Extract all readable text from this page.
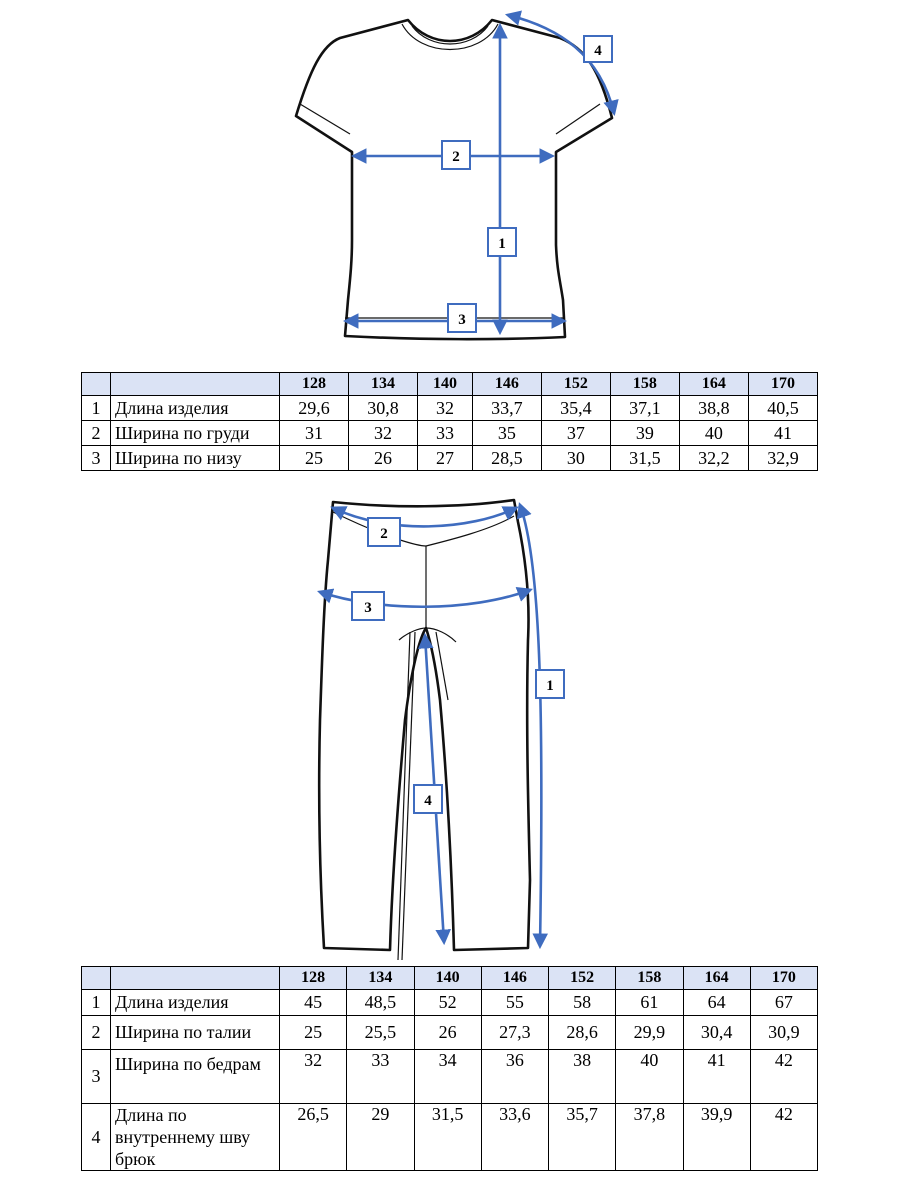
1
2
3
4
		128	134	140	146	152	158	164	170
1	Длина изделия	29,6	30,8	32	33,7	35,4	37,1	38,8	40,5
2	Ширина по груди	31	32	33	35	37	39	40	41
3	Ширина по низу	25	26	27	28,5	30	31,5	32,2	32,9
1
2
3
4
		128	134	140	146	152	158	164	170
1	Длина изделия	45	48,5	52	55	58	61	64	67
2	Ширина по талии	25	25,5	26	27,3	28,6	29,9	30,4	30,9
3	Ширина по бедрам	32	33	34	36	38	40	41	42
4	Длина по внутреннему шву брюк	26,5	29	31,5	33,6	35,7	37,8	39,9	42
